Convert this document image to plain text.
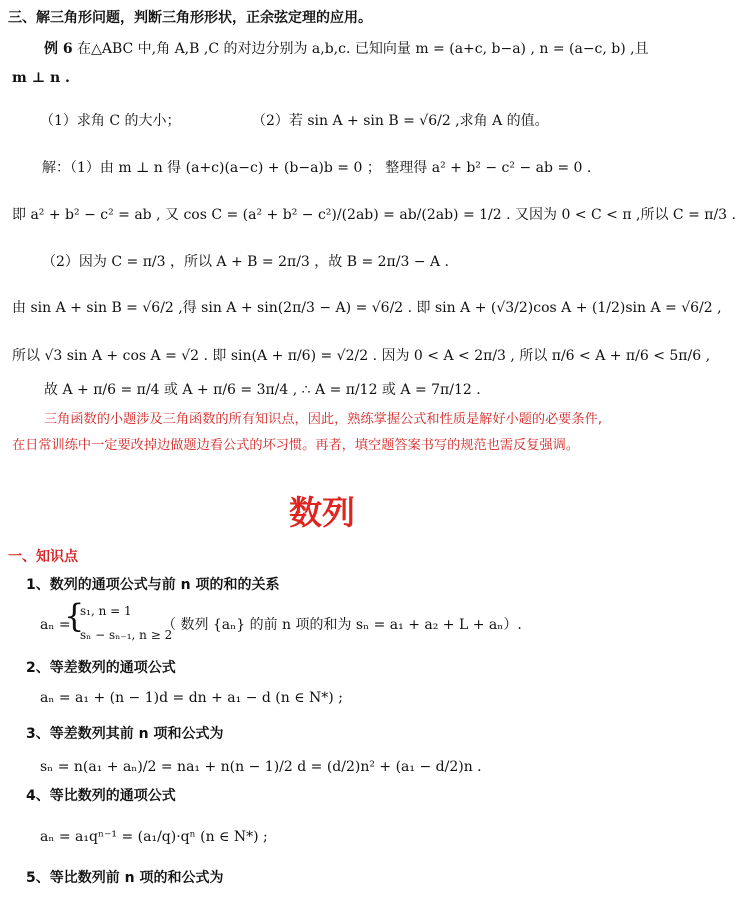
三、解三角形问题，判断三角形形状，正余弦定理的应用。
例 6 在△ABC 中,角 A,B ,C 的对边分别为 a,b,c. 已知向量 m = (a+c, b−a) , n = (a−c, b) ,且
m ⊥ n .
（1）求角 C 的大小；	（2）若 sin A + sin B = √6/2 ,求角 A 的值。
解：（1）由 m ⊥ n 得 (a+c)(a−c) + (b−a)b = 0 ； 整理得 a² + b² − c² − ab = 0 .
即 a² + b² − c² = ab , 又 cos C = (a² + b² − c²)/(2ab) = ab/(2ab) = 1/2 . 又因为 0 < C < π ,所以 C = π/3 .
（2）因为 C = π/3 ，所以 A + B = 2π/3 ，故 B = 2π/3 − A .
由 sin A + sin B = √6/2 ,得 sin A + sin(2π/3 − A) = √6/2 . 即 sin A + (√3/2)cos A + (1/2)sin A = √6/2 ,
所以 √3 sin A + cos A = √2 . 即 sin(A + π/6) = √2/2 . 因为 0 < A < 2π/3 , 所以 π/6 < A + π/6 < 5π/6 ,
故 A + π/6 = π/4 或 A + π/6 = 3π/4 , ∴ A = π/12 或 A = 7π/12 .
三角函数的小题涉及三角函数的所有知识点，因此，熟练掌握公式和性质是解好小题的必要条件,
在日常训练中一定要改掉边做题边看公式的坏习惯。再者，填空题答案书写的规范也需反复强调。
数列
一、知识点
1、数列的通项公式与前 n 项的和的关系
aₙ =
{
s₁, n = 1
sₙ − sₙ₋₁, n ≥ 2
（ 数列 {aₙ} 的前 n 项的和为 sₙ = a₁ + a₂ + L + aₙ）.
2、等差数列的通项公式
aₙ = a₁ + (n − 1)d = dn + a₁ − d (n ∈ N*) ;
3、等差数列其前 n 项和公式为
sₙ = n(a₁ + aₙ)/2 = na₁ + n(n − 1)/2 d = (d/2)n² + (a₁ − d/2)n .
4、等比数列的通项公式
aₙ = a₁qⁿ⁻¹ = (a₁/q)·qⁿ (n ∈ N*) ;
5、等比数列前 n 项的和公式为
